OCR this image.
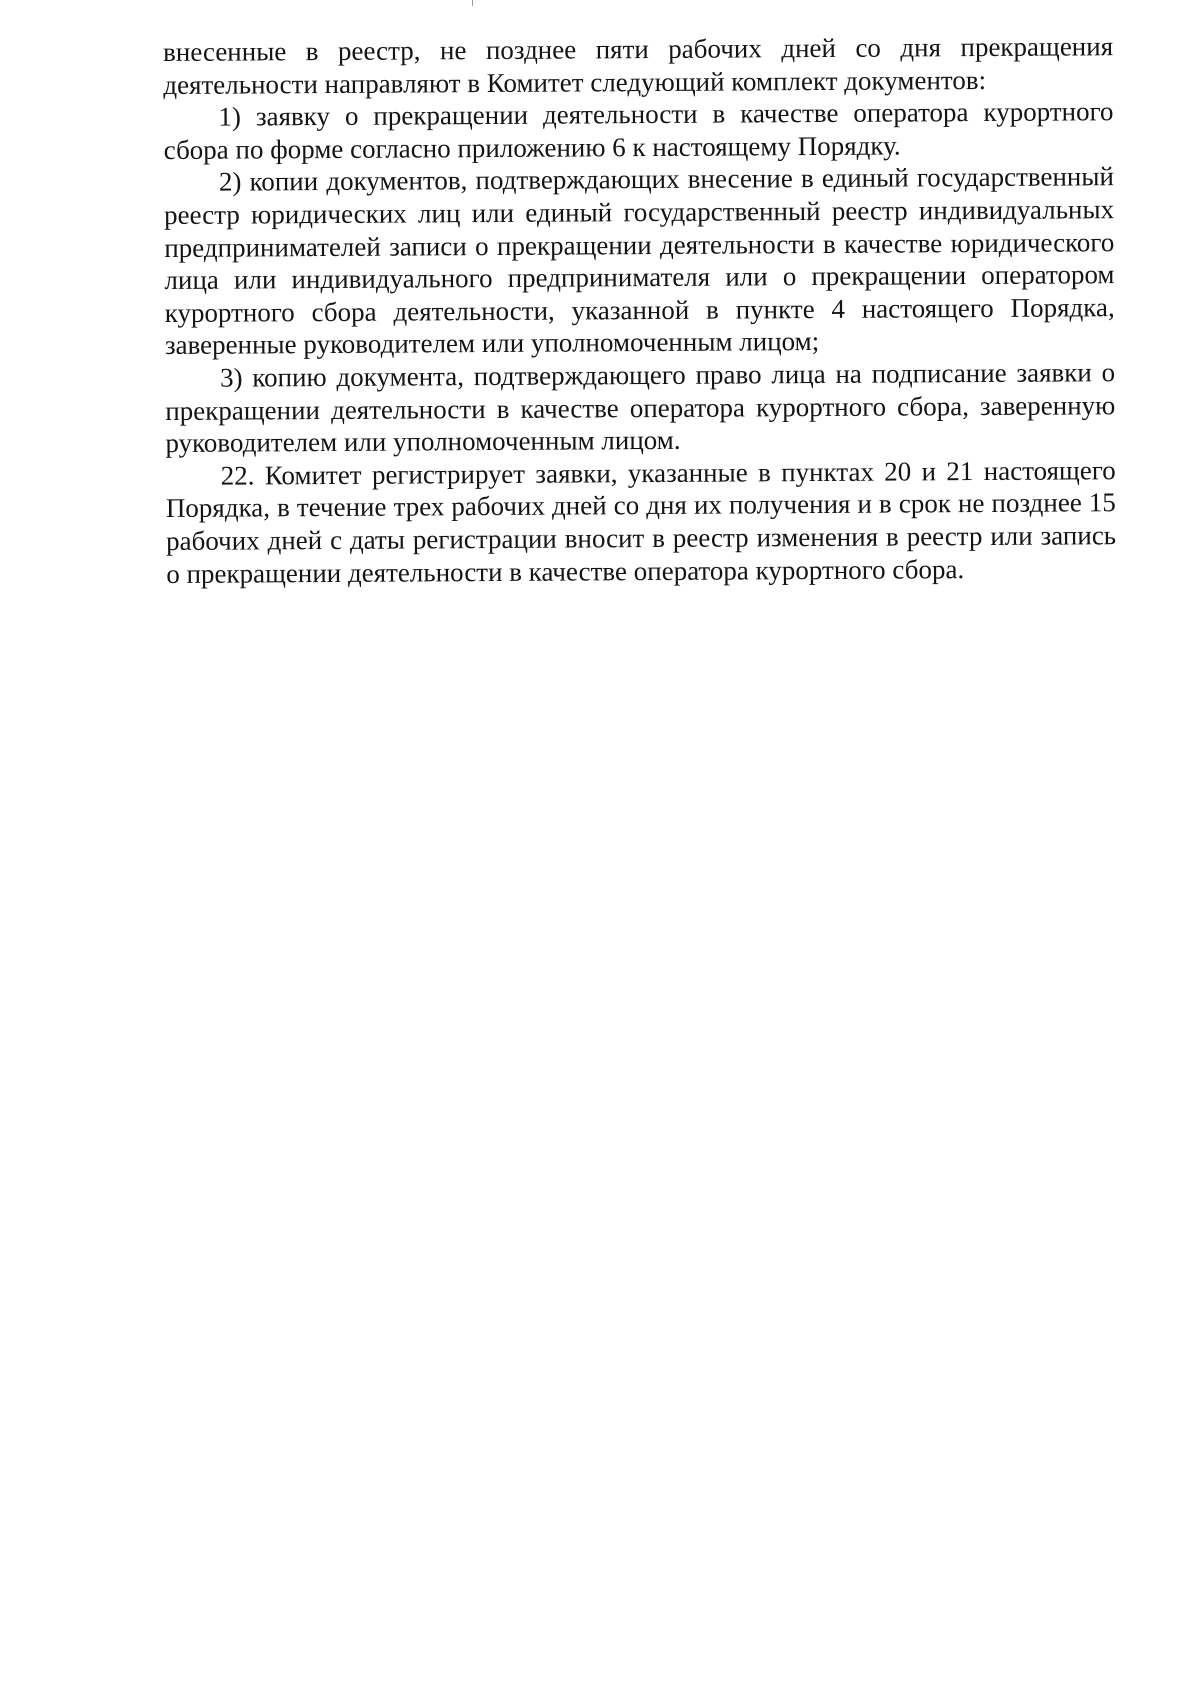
внесенные в реестр, не позднее пяти рабочих дней со дня прекращения деятельности направляют в Комитет следующий комплект документов:

1) заявку о прекращении деятельности в качестве оператора курортного сбора по форме согласно приложению 6 к настоящему Порядку.

2) копии документов, подтверждающих внесение в единый государственный реестр юридических лиц или единый государственный реестр индивидуальных предпринимателей записи о прекращении деятельности в качестве юридического лица или индивидуального предпринимателя или о прекращении оператором курортного сбора деятельности, указанной в пункте 4 настоящего Порядка, заверенные руководителем или уполномоченным лицом;

3) копию документа, подтверждающего право лица на подписание заявки о прекращении деятельности в качестве оператора курортного сбора, заверенную руководителем или уполномоченным лицом.

22. Комитет регистрирует заявки, указанные в пунктах 20 и 21 настоящего Порядка, в течение трех рабочих дней со дня их получения и в срок не позднее 15 рабочих дней с даты регистрации вносит в реестр изменения в реестр или запись о прекращении деятельности в качестве оператора курортного сбора.
